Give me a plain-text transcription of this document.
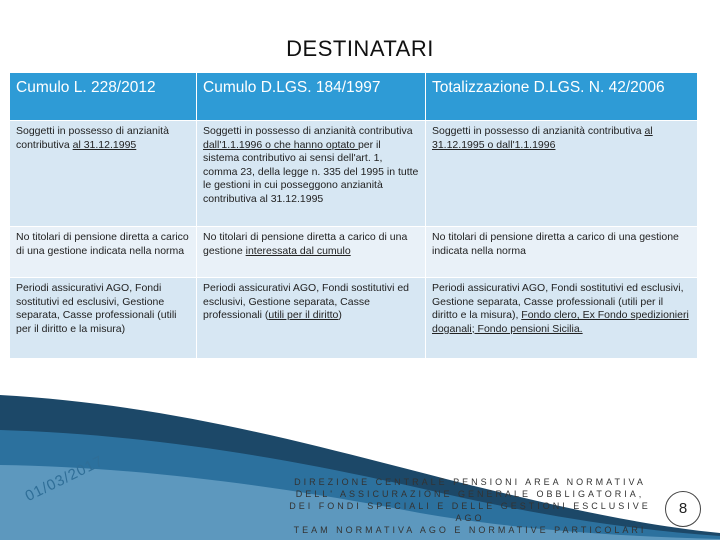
DESTINATARI
Cumulo L. 228/2012	Cumulo D.LGS. 184/1997	Totalizzazione D.LGS. N. 42/2006
Soggetti in possesso di anzianità contributiva al 31.12.1995	Soggetti in possesso di anzianità contributiva dall'1.1.1996 o che hanno optato per il sistema contributivo ai sensi dell'art. 1, comma 23, della legge n. 335 del 1995 in tutte le gestioni in cui posseggono anzianità contributiva al 31.12.1995	Soggetti in possesso di anzianità contributiva al 31.12.1995 o dall'1.1.1996
No titolari di pensione diretta a carico di una gestione indicata nella norma	No titolari di pensione diretta a carico di una gestione interessata dal cumulo	No titolari di pensione diretta a carico di una gestione indicata nella norma
Periodi assicurativi AGO, Fondi sostitutivi ed esclusivi, Gestione separata, Casse professionali (utili per il diritto e la misura)	Periodi assicurativi AGO, Fondi sostitutivi ed esclusivi, Gestione separata, Casse professionali (utili per il diritto)	Periodi assicurativi AGO, Fondi sostitutivi ed esclusivi, Gestione separata, Casse professionali (utili per il diritto e la misura), Fondo clero, Ex Fondo spedizionieri doganali; Fondo pensioni Sicilia.
01/03/2017	DIREZIONE CENTRALE PENSIONI AREA NORMATIVA
DELL' ASSICURAZIONE GENERALE OBBLIGATORIA,
DEI FONDI SPECIALI E DELLE GESTIONI ESCLUSIVE
AGO
TEAM NORMATIVA AGO E NORMATIVE PARTICOLARI
8
